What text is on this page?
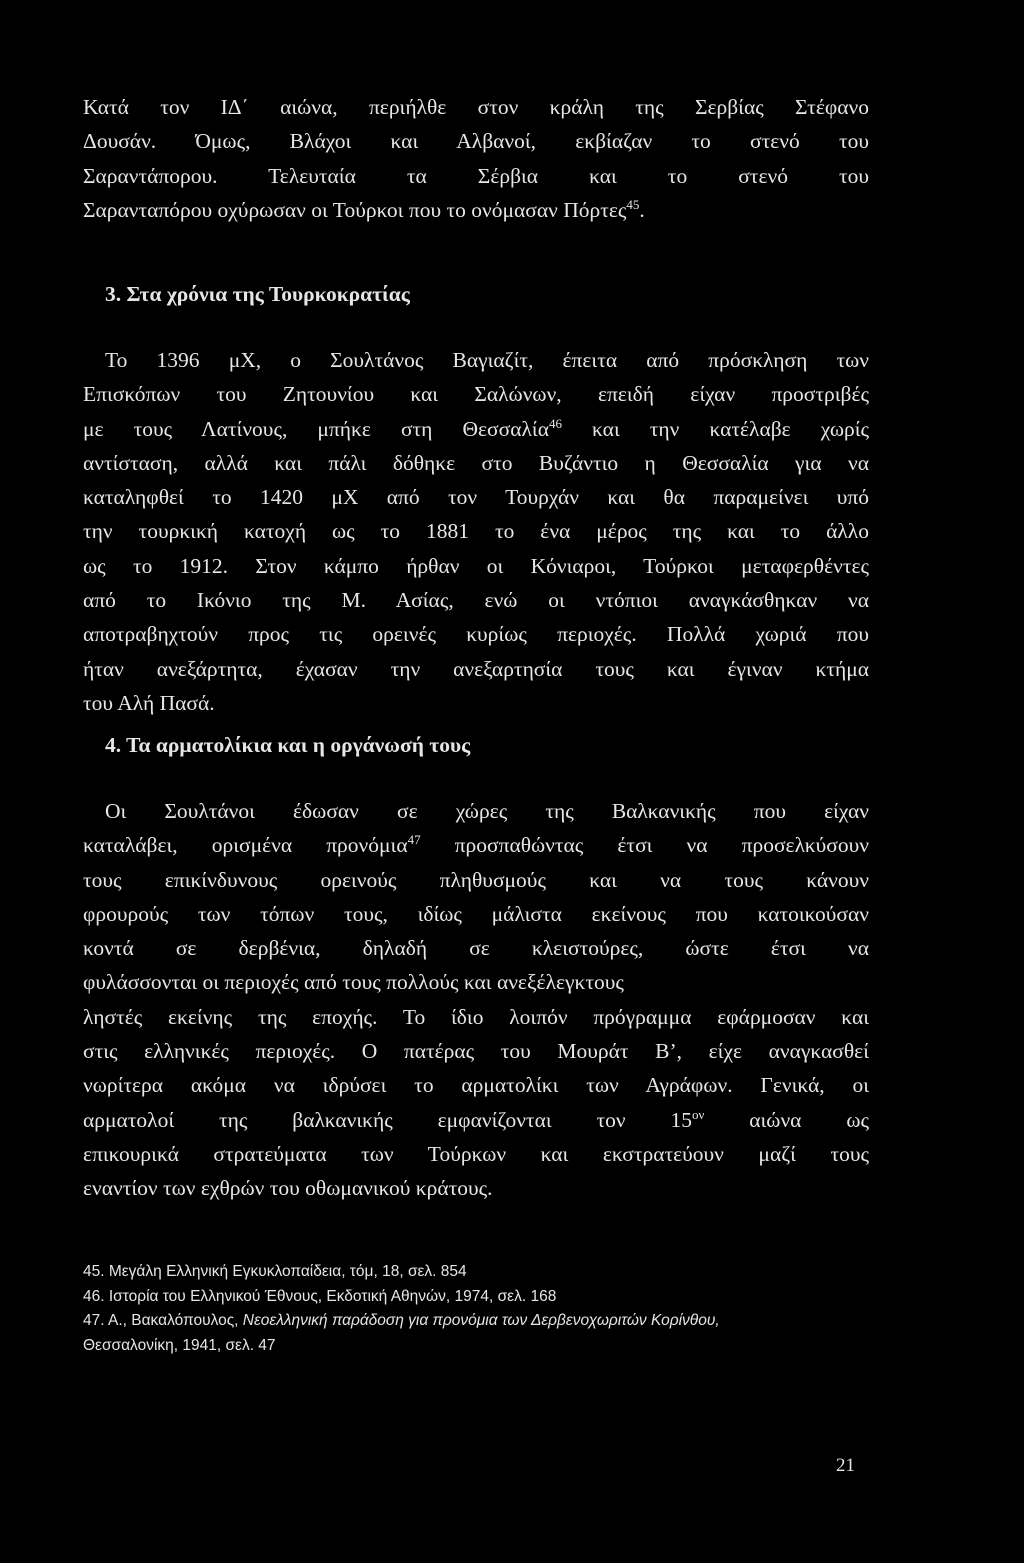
Κατά τον ΙΔ΄ αιώνα, περιήλθε στον κράλη της Σερβίας Στέφανο
Δουσάν. Όμως, Βλάχοι και Αλβανοί, εκβίαζαν το στενό του
Σαραντάπορου. Τελευταία τα Σέρβια και το στενό του
Σαρανταπόρου οχύρωσαν οι Τούρκοι που το ονόμασαν Πόρτες$^{45}$.
3. Στα χρόνια της Τουρκοκρατίας
Το 1396 μΧ, ο Σουλτάνος Βαγιαζίτ, έπειτα από πρόσκληση των
Επισκόπων του Ζητουνίου και Σαλώνων, επειδή είχαν προστριβές
με τους Λατίνους, μπήκε στη Θεσσαλία$^{46}$ και την κατέλαβε χωρίς
αντίσταση, αλλά και πάλι δόθηκε στο Βυζάντιο η Θεσσαλία για να
καταληφθεί το 1420 μΧ από τον Τουρχάν και θα παραμείνει υπό
την τουρκική κατοχή ως το 1881 το ένα μέρος της και το άλλο
ως το 1912. Στον κάμπο ήρθαν οι Κόνιαροι, Τούρκοι μεταφερθέντες
από το Ικόνιο της Μ. Ασίας, ενώ οι ντόπιοι αναγκάσθηκαν να
αποτραβηχτούν προς τις ορεινές κυρίως περιοχές. Πολλά χωριά που
ήταν ανεξάρτητα, έχασαν την ανεξαρτησία τους και έγιναν κτήμα
του Αλή Πασά.
4. Τα αρματολίκια και η οργάνωσή τους
Οι Σουλτάνοι έδωσαν σε χώρες της Βαλκανικής που είχαν
καταλάβει, ορισμένα προνόμια$^{47}$ προσπαθώντας έτσι να προσελκύσουν
τους επικίνδυνους ορεινούς πληθυσμούς και να τους κάνουν
φρουρούς των τόπων τους, ιδίως μάλιστα εκείνους που κατοικούσαν
κοντά σε δερβένια, δηλαδή σε κλειστούρες, ώστε έτσι να
φυλάσσονται οι περιοχές από τους πολλούς και ανεξέλεγκτους
ληστές εκείνης της εποχής. Το ίδιο λοιπόν πρόγραμμα εφάρμοσαν και
στις ελληνικές περιοχές. Ο πατέρας του Μουράτ Β’, είχε αναγκασθεί
νωρίτερα ακόμα να ιδρύσει το αρματολίκι των Αγράφων. Γενικά, οι
αρματολοί της βαλκανικής εμφανίζονται τον $15^{o\nu}$ αιώνα ως
επικουρικά στρατεύματα των Τούρκων και εκστρατεύουν μαζί τους
εναντίον των εχθρών του οθωμανικού κράτους.

45. Μεγάλη Ελληνική Εγκυκλοπαίδεια, τόμ, 18, σελ. 854

46. Ιστορία του Ελληνικού Έθνους, Εκδοτική Αθηνών, 1974, σελ. 168

47. Α., Βακαλόπουλος, Νεοελληνική παράδοση για προνόμια των Δερβενοχωριτών Κορίνθου,

Θεσσαλονίκη, 1941, σελ. 47

21
